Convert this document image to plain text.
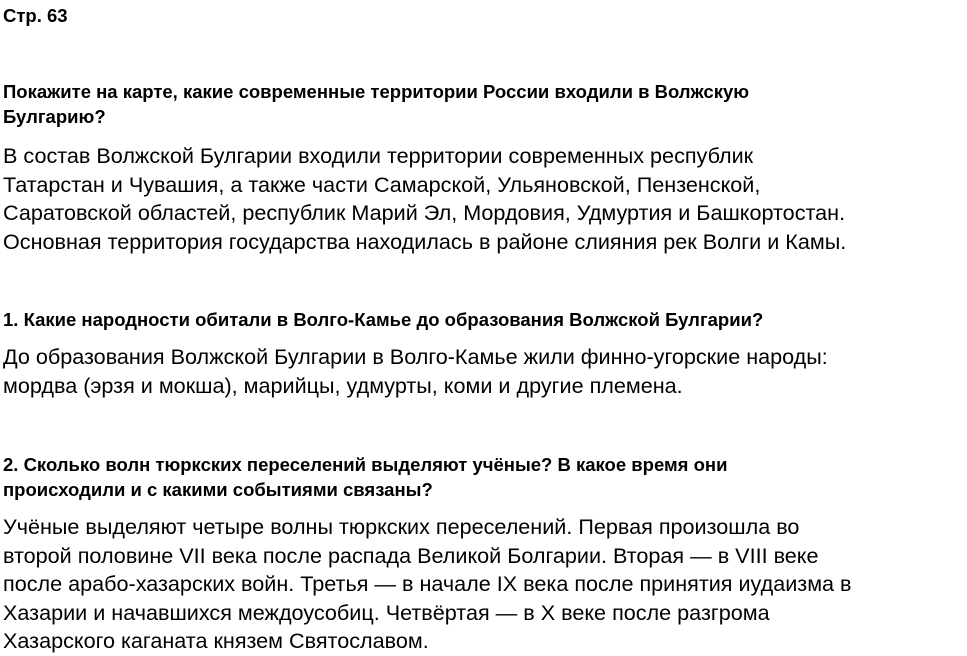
Стр. 63
Покажите на карте, какие современные территории России входили в Волжскую
Булгарию?
В состав Волжской Булгарии входили территории современных республик
Татарстан и Чувашия, а также части Самарской, Ульяновской, Пензенской,
Саратовской областей, республик Марий Эл, Мордовия, Удмуртия и Башкортостан.
Основная территория государства находилась в районе слияния рек Волги и Камы.
1. Какие народности обитали в Волго-Камье до образования Волжской Булгарии?
До образования Волжской Булгарии в Волго-Камье жили финно-угорские народы:
мордва (эрзя и мокша), марийцы, удмурты, коми и другие племена.
2. Сколько волн тюркских переселений выделяют учёные? В какое время они
происходили и с какими событиями связаны?
Учёные выделяют четыре волны тюркских переселений. Первая произошла во
второй половине VII века после распада Великой Болгарии. Вторая — в VIII веке
после арабо-хазарских войн. Третья — в начале IX века после принятия иудаизма в
Хазарии и начавшихся междоусобиц. Четвёртая — в X веке после разгрома
Хазарского каганата князем Святославом.
